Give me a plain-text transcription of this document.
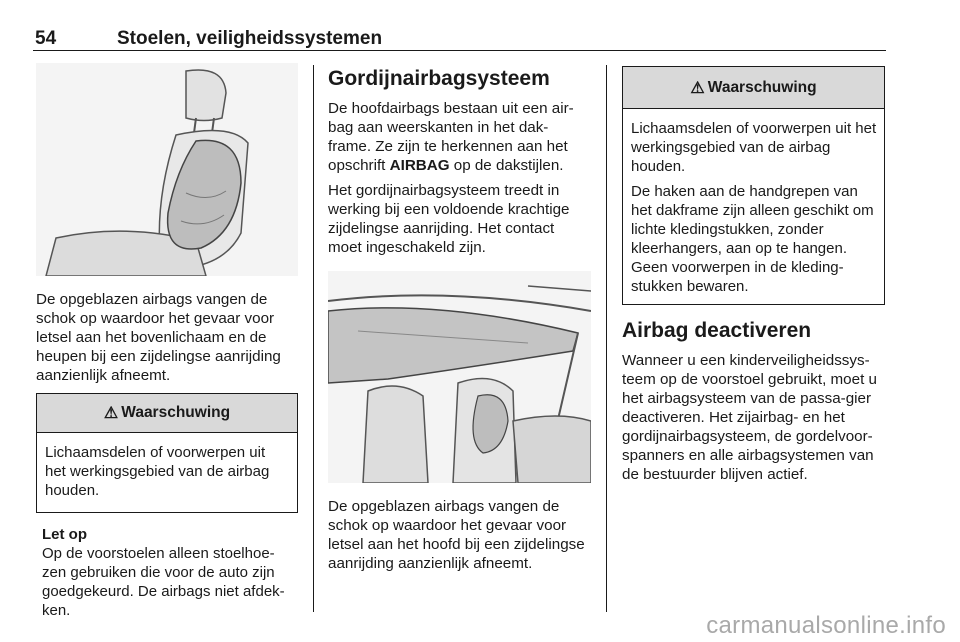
54	Stoelen, veiligheidssystemen

De opgeblazen airbags vangen de schok op waardoor het gevaar voor letsel aan het bovenlichaam en de heupen bij een zijdelingse aanrijding aanzienlijk afneemt.

⚠ Waarschuwing

Lichaamsdelen of voorwerpen uit het werkingsgebied van de airbag houden.

Let op

Op de voorstoelen alleen stoelhoe-zen gebruiken die voor de auto zijn goedgekeurd. De airbags niet afdek-ken.

Gordijnairbagsysteem

De hoofdairbags bestaan uit een air-bag aan weerskanten in het dak-frame. Ze zijn te herkennen aan het opschrift AIRBAG op de dakstijlen.

Het gordijnairbagsysteem treedt in werking bij een voldoende krachtige zijdelingse aanrijding. Het contact moet ingeschakeld zijn.

De opgeblazen airbags vangen de schok op waardoor het gevaar voor letsel aan het hoofd bij een zijdelingse aanrijding aanzienlijk afneemt.

⚠ Waarschuwing

Lichaamsdelen of voorwerpen uit het werkingsgebied van de airbag houden.

De haken aan de handgrepen van het dakframe zijn alleen geschikt om lichte kledingstukken, zonder kleerhangers, aan op te hangen. Geen voorwerpen in de kleding-stukken bewaren.

Airbag deactiveren

Wanneer u een kinderveiligheidssys-teem op de voorstoel gebruikt, moet u het airbagsysteem van de passa-gier deactiveren. Het zijairbag- en het gordijnairbagsysteem, de gordelvoor-spanners en alle airbagsystemen van de bestuurder blijven actief.

carmanualsonline.info
